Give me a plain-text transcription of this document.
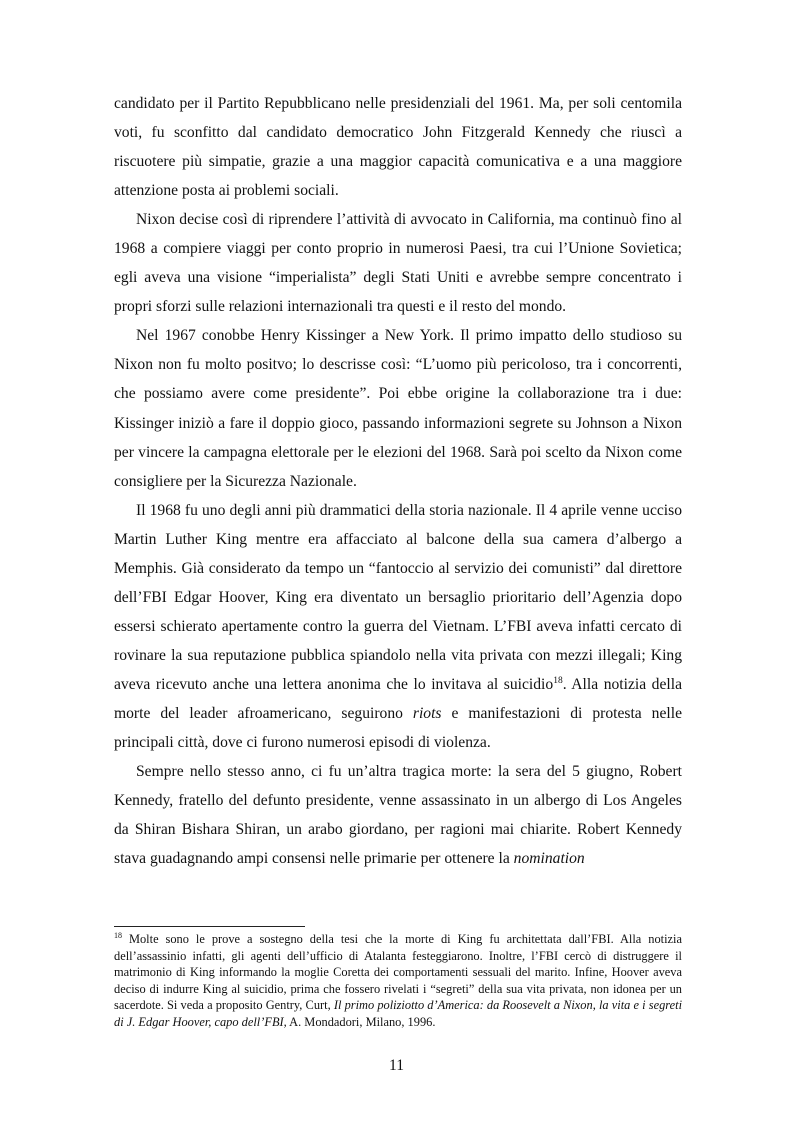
candidato per il Partito Repubblicano nelle presidenziali del 1961. Ma, per soli centomila voti, fu sconfitto dal candidato democratico John Fitzgerald Kennedy che riuscì a riscuotere più simpatie, grazie a una maggior capacità comunicativa e a una maggiore attenzione posta ai problemi sociali.

Nixon decise così di riprendere l’attività di avvocato in California, ma continuò fino al 1968 a compiere viaggi per conto proprio in numerosi Paesi, tra cui l’Unione Sovietica; egli aveva una visione “imperialista” degli Stati Uniti e avrebbe sempre concentrato i propri sforzi sulle relazioni internazionali tra questi e il resto del mondo.

Nel 1967 conobbe Henry Kissinger a New York. Il primo impatto dello studioso su Nixon non fu molto positvo; lo descrisse così: “L’uomo più pericoloso, tra i concorrenti, che possiamo avere come presidente”. Poi ebbe origine la collaborazione tra i due: Kissinger iniziò a fare il doppio gioco, passando informazioni segrete su Johnson a Nixon per vincere la campagna elettorale per le elezioni del 1968. Sarà poi scelto da Nixon come consigliere per la Sicurezza Nazionale.

Il 1968 fu uno degli anni più drammatici della storia nazionale. Il 4 aprile venne ucciso Martin Luther King mentre era affacciato al balcone della sua camera d’albergo a Memphis. Già considerato da tempo un “fantoccio al servizio dei comunisti” dal direttore dell’FBI Edgar Hoover, King era diventato un bersaglio prioritario dell’Agenzia dopo essersi schierato apertamente contro la guerra del Vietnam. L’FBI aveva infatti cercato di rovinare la sua reputazione pubblica spiandolo nella vita privata con mezzi illegali; King aveva ricevuto anche una lettera anonima che lo invitava al suicidio$^{18}$. Alla notizia della morte del leader afroamericano, seguirono riots e manifestazioni di protesta nelle principali città, dove ci furono numerosi episodi di violenza.

Sempre nello stesso anno, ci fu un’altra tragica morte: la sera del 5 giugno, Robert Kennedy, fratello del defunto presidente, venne assassinato in un albergo di Los Angeles da Shiran Bishara Shiran, un arabo giordano, per ragioni mai chiarite. Robert Kennedy stava guadagnando ampi consensi nelle primarie per ottenere la nomination

$^{18}$ Molte sono le prove a sostegno della tesi che la morte di King fu architettata dall’FBI. Alla notizia dell’assassinio infatti, gli agenti dell’ufficio di Atalanta festeggiarono. Inoltre, l’FBI cercò di distruggere il matrimonio di King informando la moglie Coretta dei comportamenti sessuali del marito. Infine, Hoover aveva deciso di indurre King al suicidio, prima che fossero rivelati i “segreti” della sua vita privata, non idonea per un sacerdote. Si veda a proposito Gentry, Curt, Il primo poliziotto d’America: da Roosevelt a Nixon, la vita e i segreti di J. Edgar Hoover, capo dell’FBI, A. Mondadori, Milano, 1996.

11
